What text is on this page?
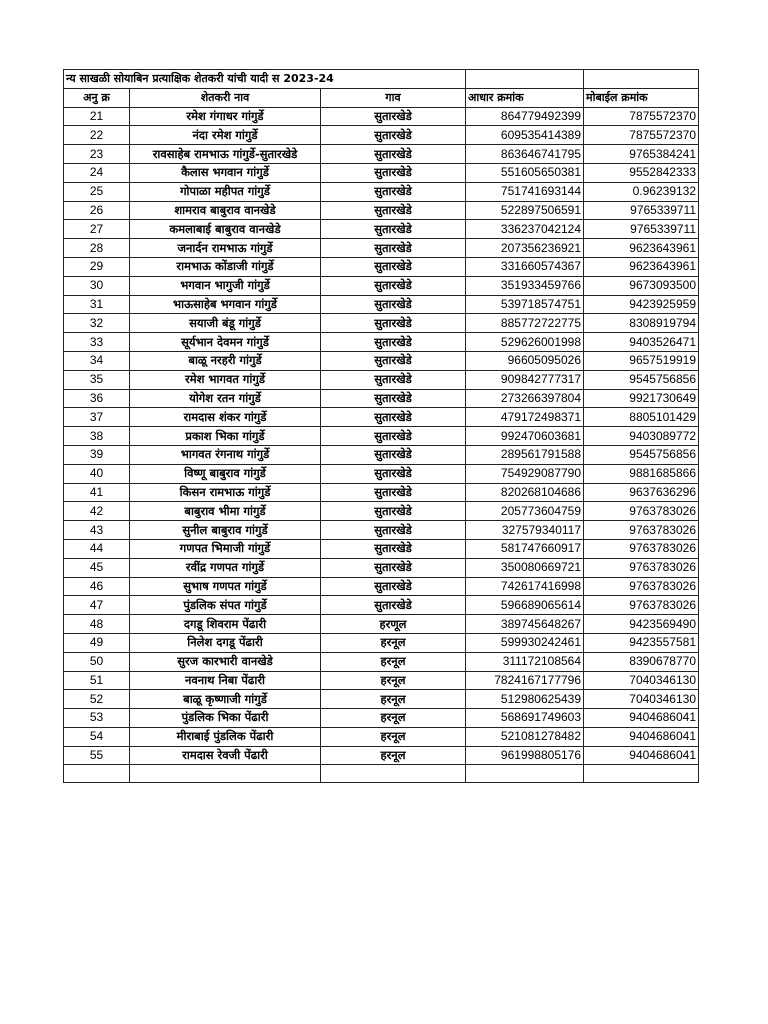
न्य साखळी सोयाबिन प्रत्याक्षिक शेतकरी यांची यादी स 2023-24				
अनु क्र	शेतकरी नाव	गाव	आधार क्रमांक	मोबाईल क्रमांक
21	रमेश गंगाधर गांगुर्डे	सुतारखेडे	864779492399	7875572370
22	नंदा रमेश गांगुर्डे	सुतारखेडे	609535414389	7875572370
23	रावसाहेब रामभाऊ गांगुर्डे-सुतारखेडे	सुतारखेडे	863646741795	9765384241
24	कैलास भगवान गांगुर्डे	सुतारखेडे	551605650381	9552842333
25	गोपाळा महीपत गांगुर्डे	सुतारखेडे	751741693144	0.96239132
26	शामराव बाबुराव वानखेडे	सुतारखेडे	522897506591	9765339711
27	कमलाबाई बाबुराव वानखेडे	सुतारखेडे	336237042124	9765339711
28	जनार्दन रामभाऊ गांगुर्डे	सुतारखेडे	207356236921	9623643961
29	रामभाऊ कोंडाजी गांगुर्डे	सुतारखेडे	331660574367	9623643961
30	भगवान भागुजी गांगुर्डे	सुतारखेडे	351933459766	9673093500
31	भाऊसाहेब भगवान गांगुर्डे	सुतारखेडे	539718574751	9423925959
32	सयाजी बंडू गांगुर्डे	सुतारखेडे	885772722775	8308919794
33	सूर्यभान देवमन गांगुर्डे	सुतारखेडे	529626001998	9403526471
34	बाळू नरहरी गांगुर्डे	सुतारखेडे	96605095026	9657519919
35	रमेश भागवत गांगुर्डे	सुतारखेडे	909842777317	9545756856
36	योगेश रतन गांगुर्डे	सुतारखेडे	273266397804	9921730649
37	रामदास शंकर गांगुर्डे	सुतारखेडे	479172498371	8805101429
38	प्रकाश भिका गांगुर्डे	सुतारखेडे	992470603681	9403089772
39	भागवत रंगनाथ गांगुर्डे	सुतारखेडे	289561791588	9545756856
40	विष्णू बाबुराव गांगुर्डे	सुतारखेडे	754929087790	9881685866
41	किसन रामभाऊ गांगुर्डे	सुतारखेडे	820268104686	9637636296
42	बाबुराव भीमा गांगुर्डे	सुतारखेडे	205773604759	9763783026
43	सुनील बाबुराव गांगुर्डे	सुतारखेडे	327579340117	9763783026
44	गणपत भिमाजी गांगुर्डे	सुतारखेडे	581747660917	9763783026
45	रवींद्र गणपत गांगुर्डे	सुतारखेडे	350080669721	9763783026
46	सुभाष गणपत गांगुर्डे	सुतारखेडे	742617416998	9763783026
47	पुंडलिक संपत गांगुर्डे	सुतारखेडे	596689065614	9763783026
48	दगडू शिवराम पेंढारी	हरणूल	389745648267	9423569490
49	निलेश दगडू पेंढारी	हरनूल	599930242461	9423557581
50	सुरज कारभारी वानखेडे	हरनूल	311172108564	8390678770
51	नवनाथ निबा पेंढारी	हरनूल	7824167177796	7040346130
52	बाळू कृष्णाजी गांगुर्डे	हरनूल	512980625439	7040346130
53	पुंडलिक भिका पेंढारी	हरनूल	568691749603	9404686041
54	मीराबाई पुंडलिक पेंढारी	हरनूल	521081278482	9404686041
55	रामदास रेवजी पेंढारी	हरनूल	961998805176	9404686041
